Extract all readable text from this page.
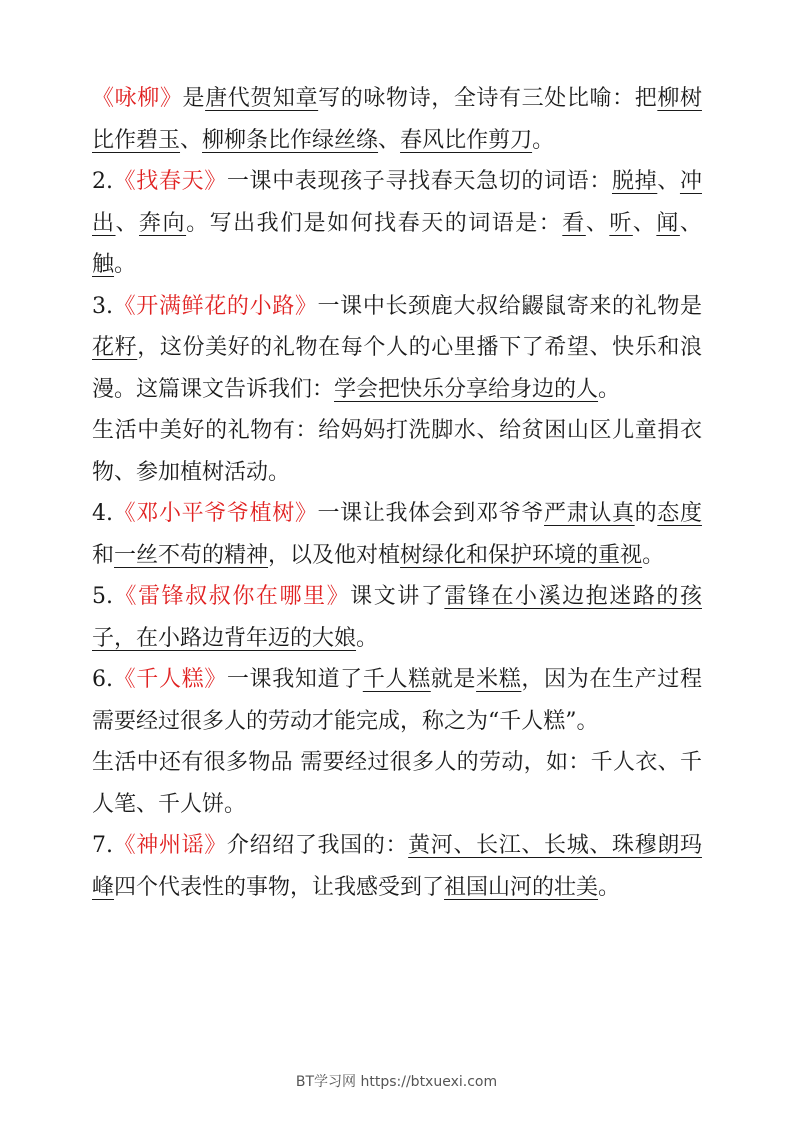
《咏柳》是唐代贺知章写的咏物诗，全诗有三处比喻：把柳树比作碧玉、柳柳条比作绿丝绦、春风比作剪刀。

2.《找春天》一课中表现孩子寻找春天急切的词语：脱掉、冲出、奔向。写出我们是如何找春天的词语是：看、听、闻、触。

3.《开满鲜花的小路》一课中长颈鹿大叔给鼹鼠寄来的礼物是花籽，这份美好的礼物在每个人的心里播下了希望、快乐和浪漫。这篇课文告诉我们：学会把快乐分享给身边的人。

生活中美好的礼物有：给妈妈打洗脚水、给贫困山区儿童捐衣物、参加植树活动。

4.《邓小平爷爷植树》一课让我体会到邓爷爷严肃认真的态度和一丝不苟的精神，以及他对植树绿化和保护环境的重视。

5.《雷锋叔叔你在哪里》课文讲了雷锋在小溪边抱迷路的孩子，在小路边背年迈的大娘。

6.《千人糕》一课我知道了千人糕就是米糕，因为在生产过程需要经过很多人的劳动才能完成，称之为“千人糕”。

生活中还有很多物品 需要经过很多人的劳动，如：千人衣、千人笔、千人饼。

7.《神州谣》介绍绍了我国的：黄河、长江、长城、珠穆朗玛峰四个代表性的事物，让我感受到了祖国山河的壮美。

BT学习网 https://btxuexi.com
